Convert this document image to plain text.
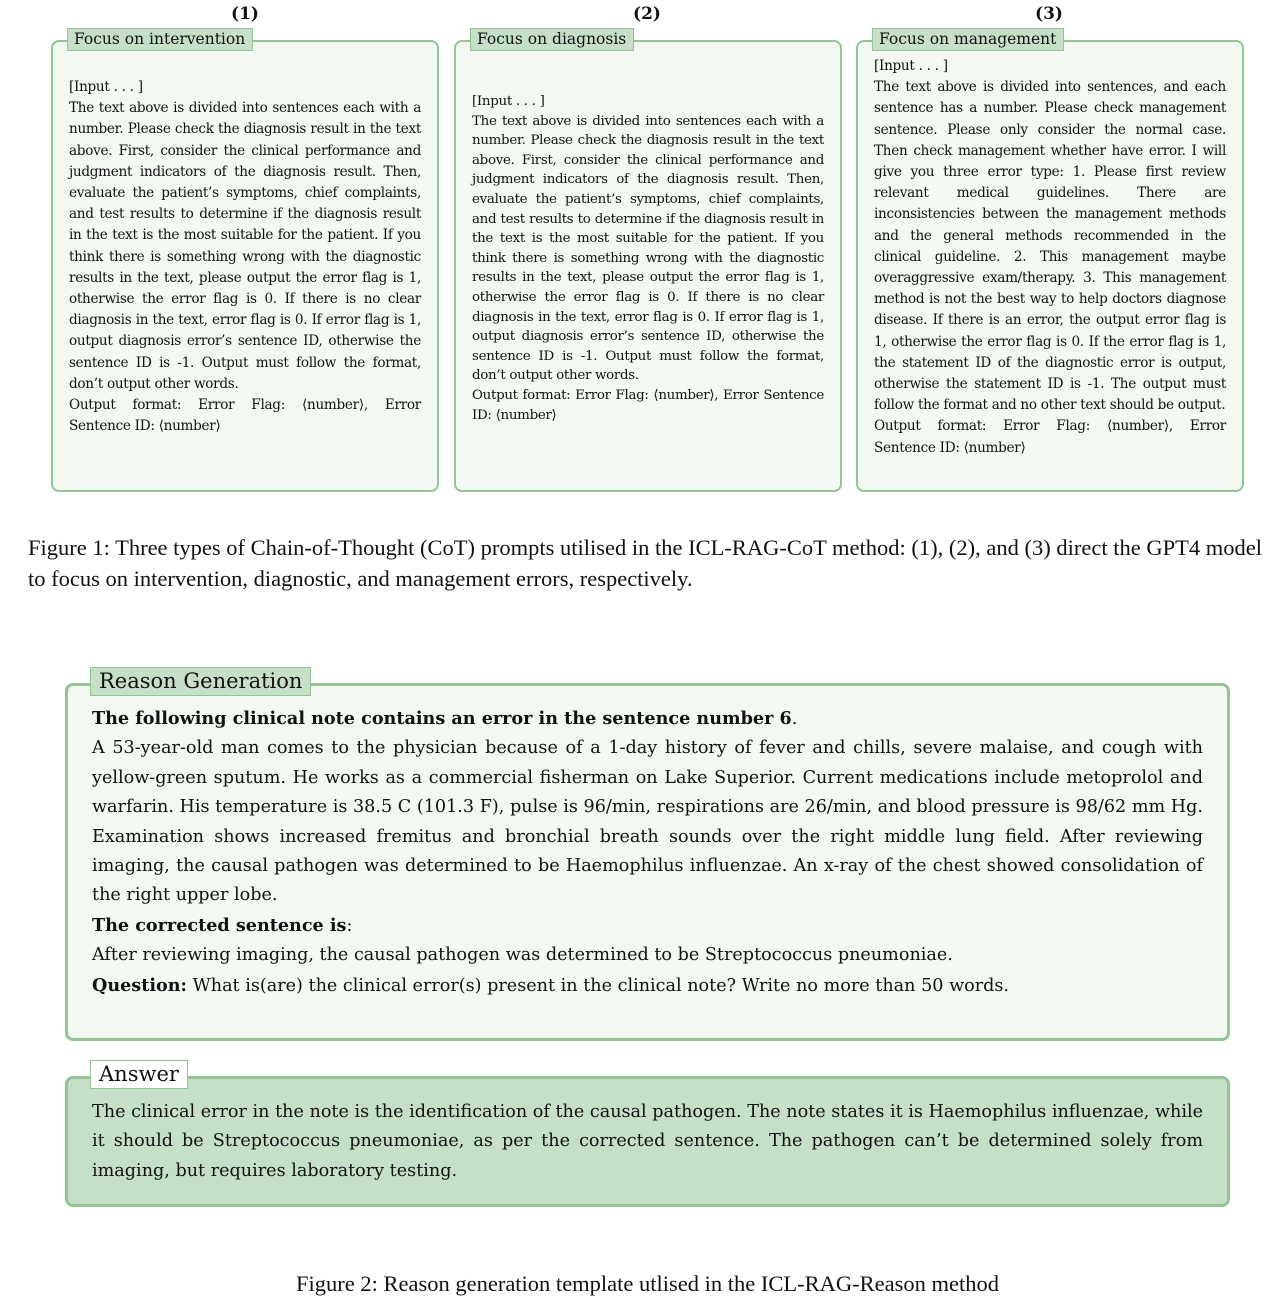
(1)	(2)	(3)
Focus on intervention

[Input . . . ]

The text above is divided into sentences each with a number. Please check the diagnosis result in the text above. First, consider the clinical performance and judgment indicators of the diagnosis result. Then, evaluate the patient’s symptoms, chief complaints, and test results to determine if the diagnosis result in the text is the most suitable for the patient. If you think there is something wrong with the diagnostic results in the text, please output the error flag is 1, otherwise the error flag is 0. If there is no clear diagnosis in the text, error flag is 0. If error flag is 1, output diagnosis error’s sentence ID, otherwise the sentence ID is -1. Output must follow the format, don’t output other words.

Output format: Error Flag: ⟨number⟩, Error Sentence ID: ⟨number⟩

Focus on diagnosis

[Input . . . ]

The text above is divided into sentences each with a number. Please check the diagnosis result in the text above. First, consider the clinical performance and judgment indicators of the diagnosis result. Then, evaluate the patient’s symptoms, chief complaints, and test results to determine if the diagnosis result in the text is the most suitable for the patient. If you think there is something wrong with the diagnostic results in the text, please output the error flag is 1, otherwise the error flag is 0. If there is no clear diagnosis in the text, error flag is 0. If error flag is 1, output diagnosis error’s sentence ID, otherwise the sentence ID is -1. Output must follow the format, don’t output other words.

Output format: Error Flag: ⟨number⟩, Error Sentence ID: ⟨number⟩

Focus on management

[Input . . . ]

The text above is divided into sentences, and each sentence has a number. Please check management sentence. Please only consider the normal case. Then check management whether have error. I will give you three error type: 1. Please first review relevant medical guidelines. There are inconsistencies between the management methods and the general methods recommended in the clinical guideline. 2. This management maybe overaggressive exam/therapy. 3. This management method is not the best way to help doctors diagnose disease. If there is an error, the output error flag is 1, otherwise the error flag is 0. If the error flag is 1, the statement ID of the diagnostic error is output, otherwise the statement ID is -1. The output must follow the format and no other text should be output.

Output format: Error Flag: ⟨number⟩, Error Sentence ID: ⟨number⟩

Figure 1: Three types of Chain-of-Thought (CoT) prompts utilised in the ICL-RAG-CoT method: (1), (2), and (3) direct the GPT4 model to focus on intervention, diagnostic, and management errors, respectively.
Reason Generation

The following clinical note contains an error in the sentence number 6.

A 53-year-old man comes to the physician because of a 1-day history of fever and chills, severe malaise, and cough with yellow-green sputum. He works as a commercial fisherman on Lake Superior. Current medications include metoprolol and warfarin. His temperature is 38.5 C (101.3 F), pulse is 96/min, respirations are 26/min, and blood pressure is 98/62 mm Hg. Examination shows increased fremitus and bronchial breath sounds over the right middle lung field. After reviewing imaging, the causal pathogen was determined to be Haemophilus influenzae. An x-ray of the chest showed consolidation of the right upper lobe.

The corrected sentence is:

After reviewing imaging, the causal pathogen was determined to be Streptococcus pneumoniae.

Question: What is(are) the clinical error(s) present in the clinical note? Write no more than 50 words.

Answer

The clinical error in the note is the identification of the causal pathogen. The note states it is Haemophilus influenzae, while it should be Streptococcus pneumoniae, as per the corrected sentence. The pathogen can’t be determined solely from imaging, but requires laboratory testing.

Figure 2: Reason generation template utlised in the ICL-RAG-Reason method
